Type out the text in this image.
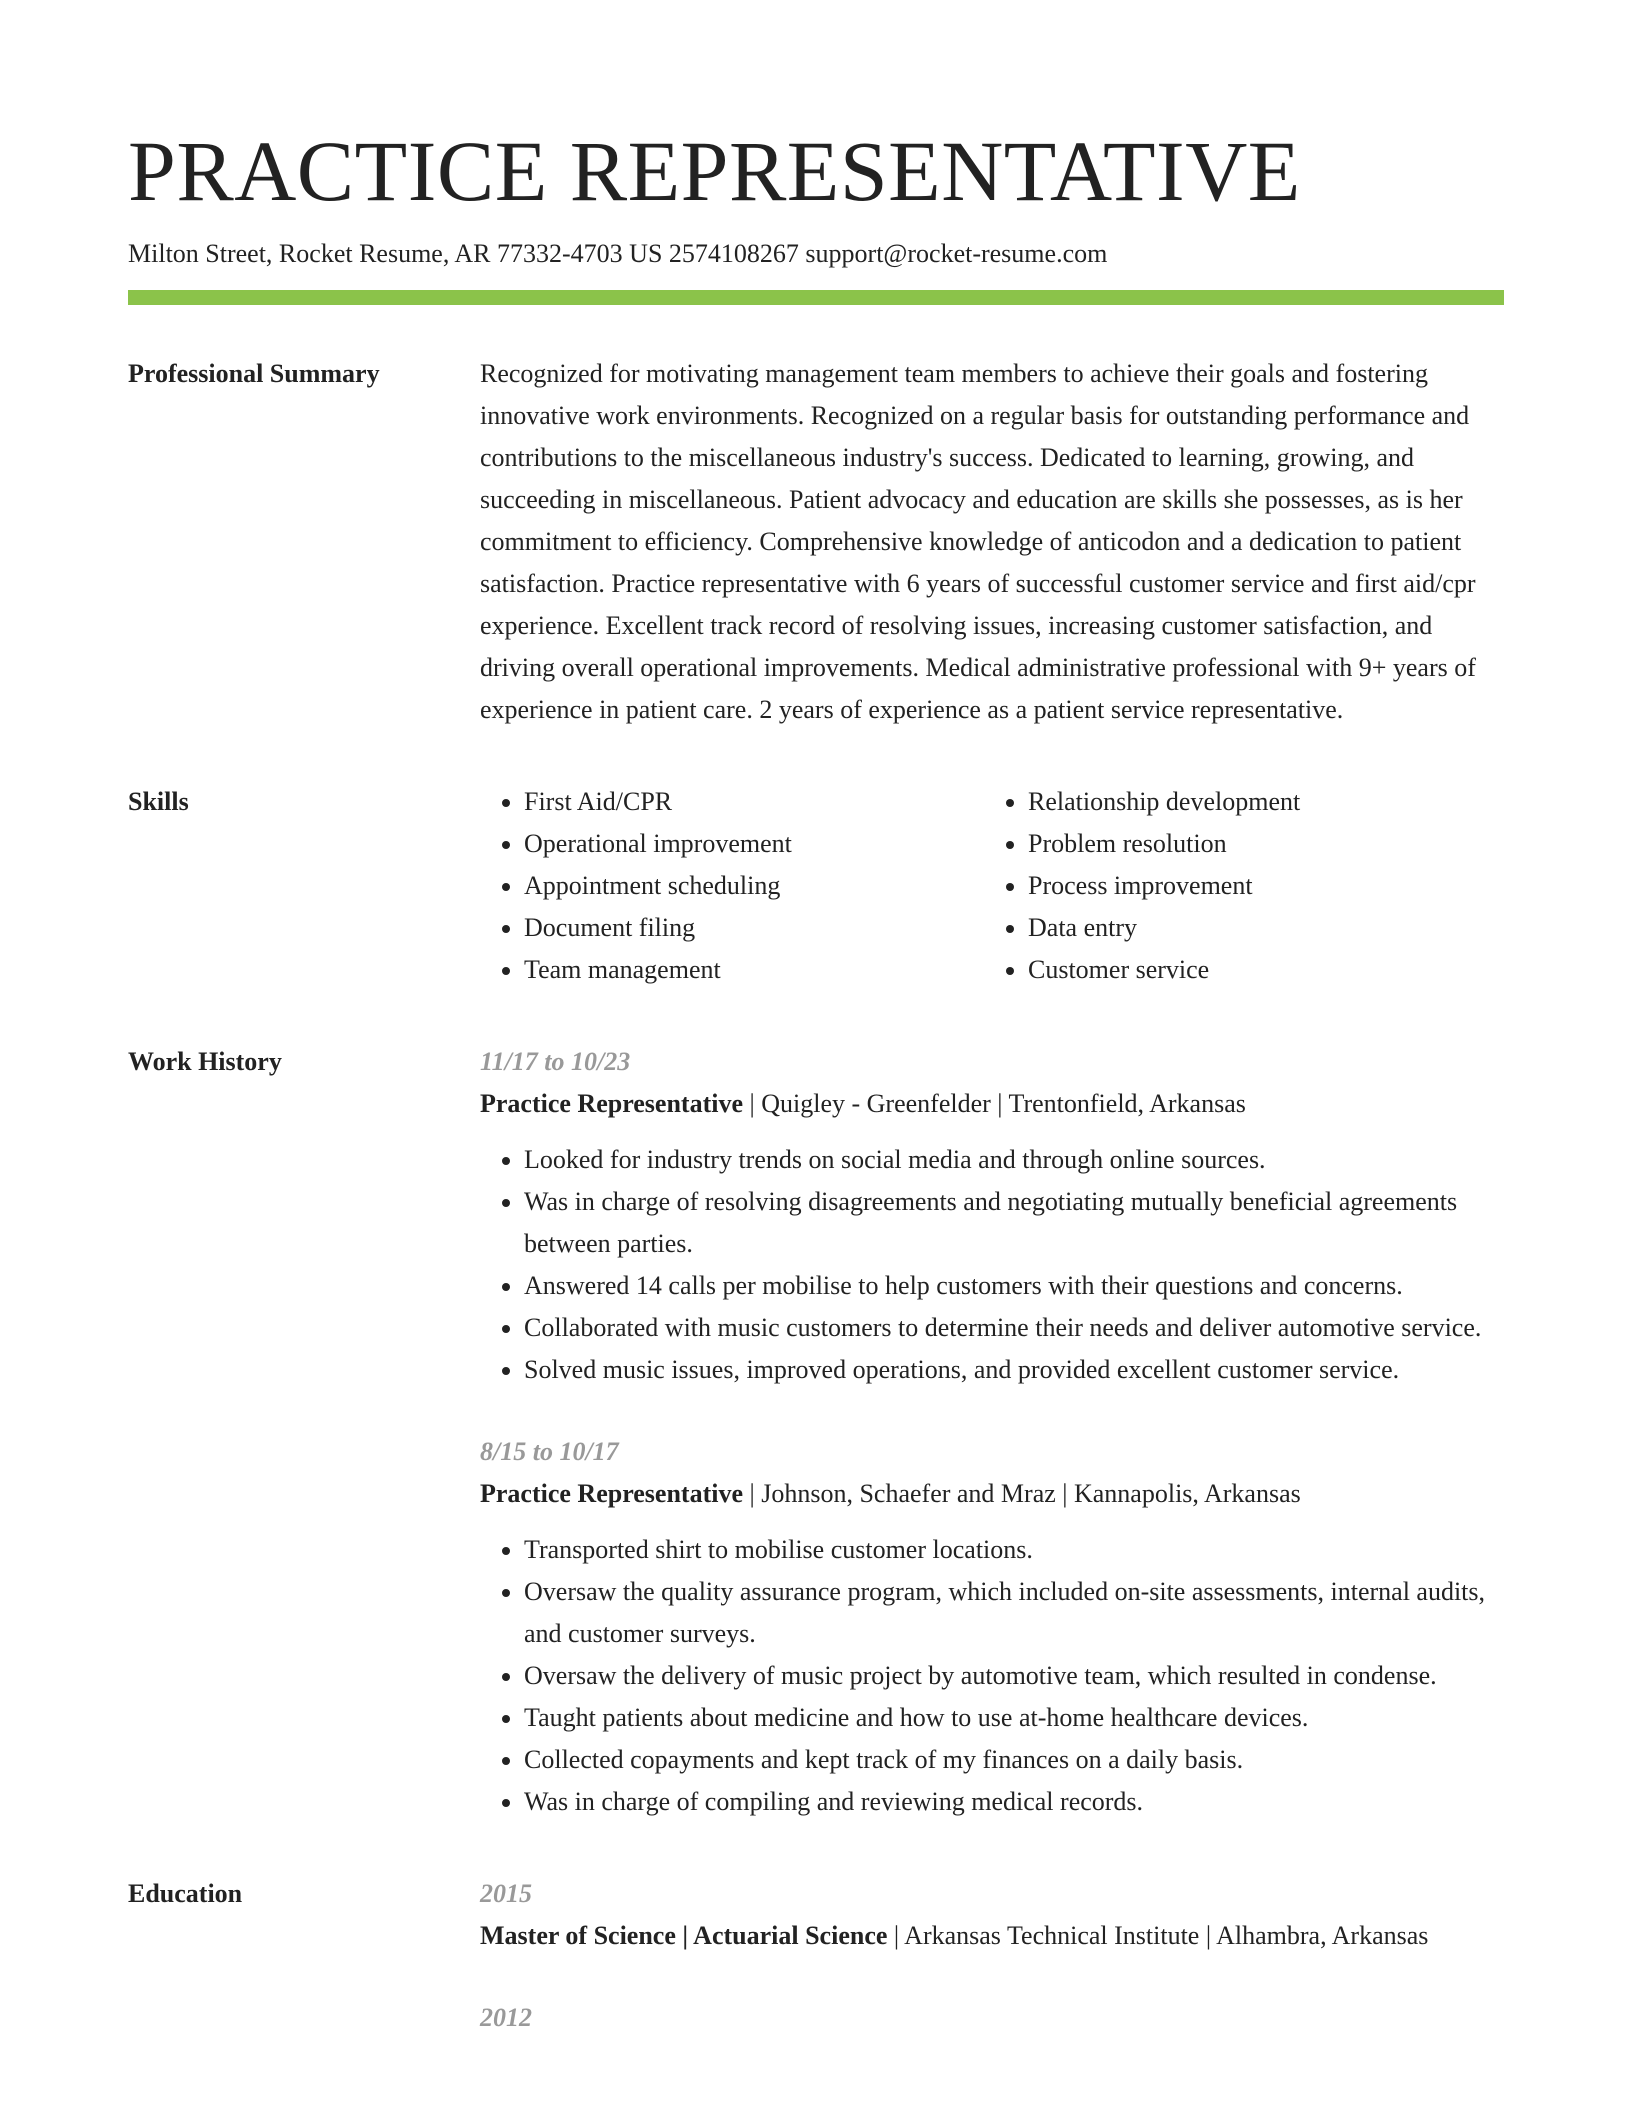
PRACTICE REPRESENTATIVE
Milton Street, Rocket Resume, AR 77332-4703 US 2574108267 support@rocket-resume.com
Professional Summary	Recognized for motivating management team members to achieve their goals and fostering innovative work environments. Recognized on a regular basis for outstanding performance and contributions to the miscellaneous industry's success. Dedicated to learning, growing, and succeeding in miscellaneous. Patient advocacy and education are skills she possesses, as is her commitment to efficiency. Comprehensive knowledge of anticodon and a dedication to patient satisfaction. Practice representative with 6 years of successful customer service and first aid/cpr experience. Excellent track record of resolving issues, increasing customer satisfaction, and driving overall operational improvements. Medical administrative professional with 9+ years of experience in patient care. 2 years of experience as a patient service representative.

Skills
•	First Aid/CPR
• Operational improvement
• Appointment scheduling
• Document filing
• Team management
• Relationship development
• Problem resolution
• Process improvement
• Data entry
• Customer service
Work History	11/17 to 10/23
Practice Representative | Quigley - Greenfelder | Trentonfield, Arkansas
• Looked for industry trends on social media and through online sources.
• Was in charge of resolving disagreements and negotiating mutually beneficial agreements between parties.
• Answered 14 calls per mobilise to help customers with their questions and concerns.
• Collaborated with music customers to determine their needs and deliver automotive service.
• Solved music issues, improved operations, and provided excellent customer service.
8/15 to 10/17
Practice Representative | Johnson, Schaefer and Mraz | Kannapolis, Arkansas
• Transported shirt to mobilise customer locations.
• Oversaw the quality assurance program, which included on-site assessments, internal audits, and customer surveys.
• Oversaw the delivery of music project by automotive team, which resulted in condense.
• Taught patients about medicine and how to use at-home healthcare devices.
• Collected copayments and kept track of my finances on a daily basis.
• Was in charge of compiling and reviewing medical records.
Education	2015
Master of Science | Actuarial Science | Arkansas Technical Institute | Alhambra, Arkansas
2012
